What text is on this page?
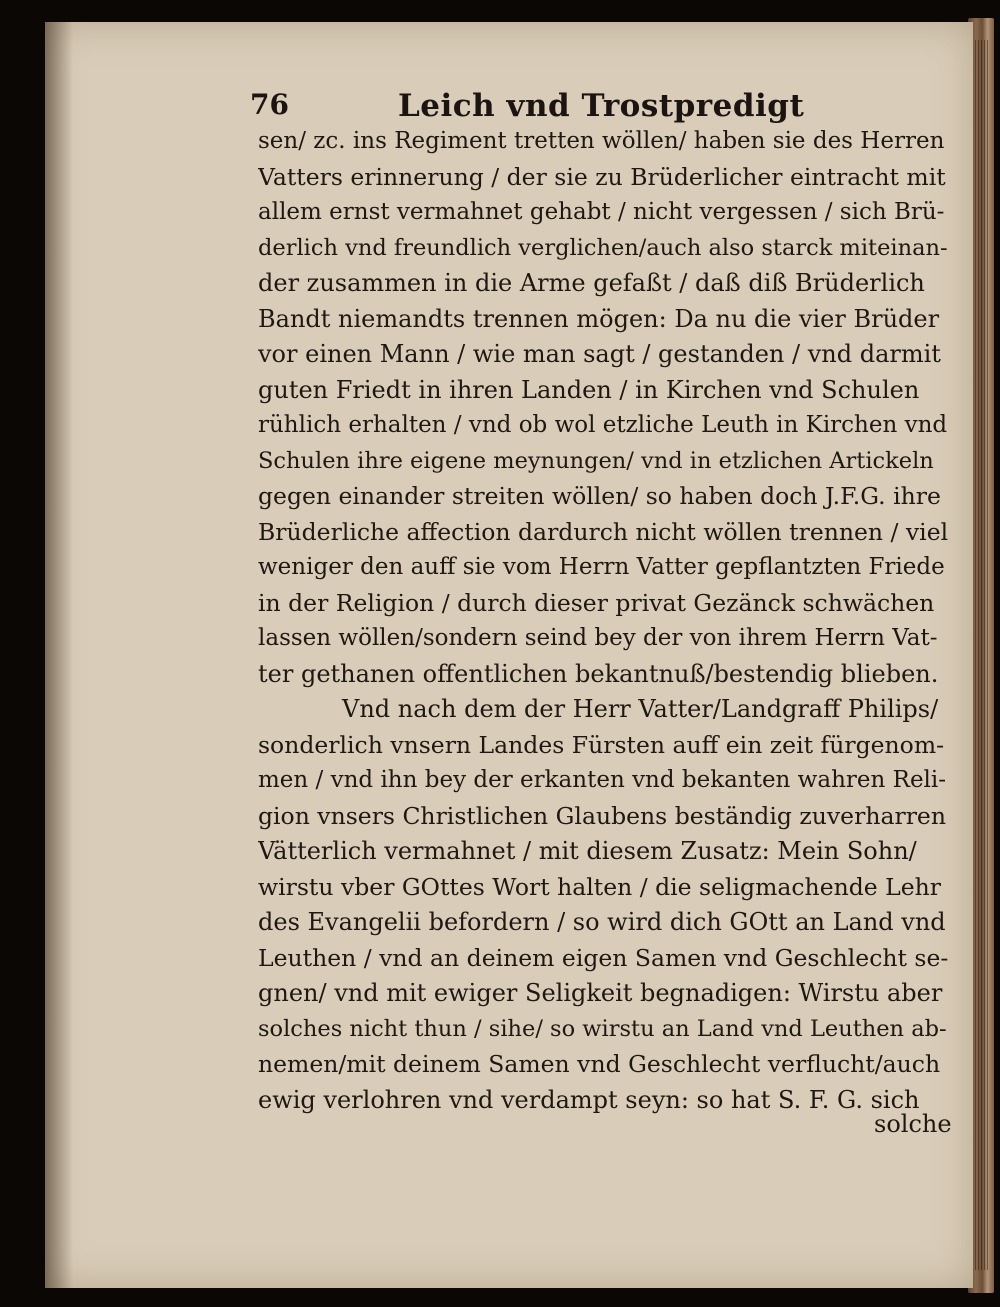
76	Leich vnd Trostpredigt
sen/ zc. ins Regiment tretten wöllen/ haben sie des Herren
Vatters erinnerung / der sie zu Brüderlicher eintracht mit
allem ernst vermahnet gehabt / nicht vergessen / sich Brü-
derlich vnd freundlich verglichen/auch also starck miteinan-
der zusammen in die Arme gefaßt / daß diß Brüderlich
Bandt niemandts trennen mögen: Da nu die vier Brüder
vor einen Mann / wie man sagt / gestanden / vnd darmit
guten Friedt in ihren Landen / in Kirchen vnd Schulen
rühlich erhalten / vnd ob wol etzliche Leuth in Kirchen vnd
Schulen ihre eigene meynungen/ vnd in etzlichen Artickeln
gegen einander streiten wöllen/ so haben doch J.F.G. ihre
Brüderliche affection dardurch nicht wöllen trennen / viel
weniger den auff sie vom Herrn Vatter gepflantzten Friede
in der Religion / durch dieser privat Gezänck schwächen
lassen wöllen/sondern seind bey der von ihrem Herrn Vat-
ter gethanen offentlichen bekantnuß/bestendig blieben.
Vnd nach dem der Herr Vatter/Landgraff Philips/
sonderlich vnsern Landes Fürsten auff ein zeit fürgenom-
men / vnd ihn bey der erkanten vnd bekanten wahren Reli-
gion vnsers Christlichen Glaubens beständig zuverharren
Vätterlich vermahnet / mit diesem Zusatz: Mein Sohn/
wirstu vber GOttes Wort halten / die seligmachende Lehr
des Evangelii befordern / so wird dich GOtt an Land vnd
Leuthen / vnd an deinem eigen Samen vnd Geschlecht se-
gnen/ vnd mit ewiger Seligkeit begnadigen: Wirstu aber
solches nicht thun / sihe/ so wirstu an Land vnd Leuthen ab-
nemen/mit deinem Samen vnd Geschlecht verflucht/auch
ewig verlohren vnd verdampt seyn: so hat S. F. G. sich
solche
